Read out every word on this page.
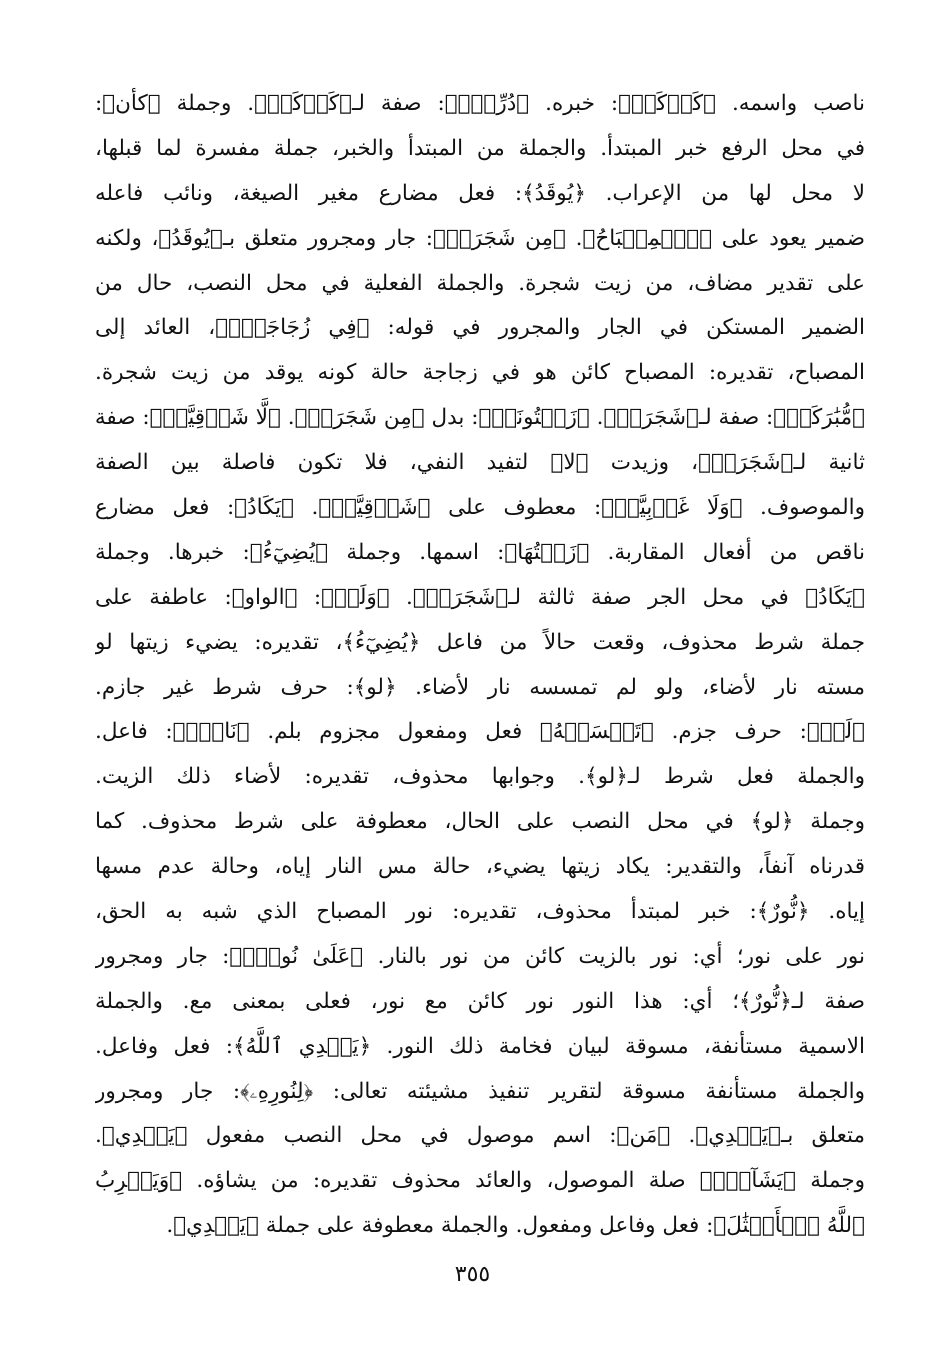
ناصب واسمه. ﴿كَوۡكَبٞ﴾: خبره. ﴿دُرِّيّٞ﴾: صفة لـ﴿كَوۡكَبٞ﴾. وجملة ﴿كأن﴾:
في محل الرفع خبر المبتدأ. والجملة من المبتدأ والخبر، جملة مفسرة لما قبلها،
لا محل لها من الإعراب. ﴿يُوقَدُ﴾: فعل مضارع مغير الصيغة، ونائب فاعله
ضمير يعود على ﴿ٱلۡمِصۡبَاحُ﴾. ﴿مِن شَجَرَةٖ﴾: جار ومجرور متعلق بـ﴿يُوقَدُ﴾، ولكنه
على تقدير مضاف، من زيت شجرة. والجملة الفعلية في محل النصب، حال من
الضمير المستكن في الجار والمجرور في قوله: ﴿فِي زُجَاجَةٍۖ﴾، العائد إلى
المصباح، تقديره: المصباح كائن هو في زجاجة حالة كونه يوقد من زيت شجرة.
﴿مُّبَٰرَكَةٖ﴾: صفة لـ﴿شَجَرَةٖ﴾. ﴿زَيۡتُونَةٖ﴾: بدل ﴿مِن شَجَرَةٖ﴾. ﴿لَّا شَرۡقِيَّةٖ﴾: صفة
ثانية لـ﴿شَجَرَةٖ﴾، وزيدت ﴿لا﴾ لتفيد النفي، فلا تكون فاصلة بين الصفة
والموصوف. ﴿وَلَا غَرۡبِيَّةٖ﴾: معطوف على ﴿شَرۡقِيَّةٖ﴾. ﴿يَكَادُ﴾: فعل مضارع
ناقص من أفعال المقاربة. ﴿زَيۡتُهَا﴾: اسمها. وجملة ﴿يُضِيٓءُ﴾: خبرها. وجملة
﴿يَكَادُ﴾ في محل الجر صفة ثالثة لـ﴿شَجَرَةٖ﴾. ﴿وَلَوۡ﴾: ﴿الواو﴾: عاطفة على
جملة شرط محذوف، وقعت حالاً من فاعل ﴿يُضِيٓءُ﴾، تقديره: يضيء زيتها لو
مسته نار لأضاء، ولو لم تمسسه نار لأضاء. ﴿لو﴾: حرف شرط غير جازم.
﴿لَمۡ﴾: حرف جزم. ﴿تَمۡسَسۡهُ﴾ فعل ومفعول مجزوم بلم. ﴿نَارٞۚ﴾: فاعل.
والجملة فعل شرط لـ﴿لو﴾. وجوابها محذوف، تقديره: لأضاء ذلك الزيت.
وجملة ﴿لو﴾ في محل النصب على الحال، معطوفة على شرط محذوف. كما
قدرناه آنفاً، والتقدير: يكاد زيتها يضيء، حالة مس النار إياه، وحالة عدم مسها
إياه. ﴿نُّورٌ﴾: خبر لمبتدأ محذوف، تقديره: نور المصباح الذي شبه به الحق،
نور على نور؛ أي: نور بالزيت كائن من نور بالنار. ﴿عَلَىٰ نُورٖۚ﴾: جار ومجرور
صفة لـ﴿نُّورٌ﴾؛ أي: هذا النور نور كائن مع نور، فعلى بمعنى مع. والجملة
الاسمية مستأنفة، مسوقة لبيان فخامة ذلك النور. ﴿يَهۡدِي ٱللَّهُ﴾: فعل وفاعل.
والجملة مستأنفة مسوقة لتقرير تنفيذ مشيئته تعالى: ﴿لِنُورِهِۦ﴾: جار ومجرور
متعلق بـ﴿يَهۡدِي﴾. ﴿مَن﴾: اسم موصول في محل النصب مفعول ﴿يَهۡدِي﴾.
وجملة ﴿يَشَآءُۚ﴾ صلة الموصول، والعائد محذوف تقديره: من يشاؤه. ﴿وَيَضۡرِبُ
ٱللَّهُ ٱلۡأَمۡثَٰلَ﴾: فعل وفاعل ومفعول. والجملة معطوفة على جملة ﴿يَهۡدِي﴾.
٣٥٥
